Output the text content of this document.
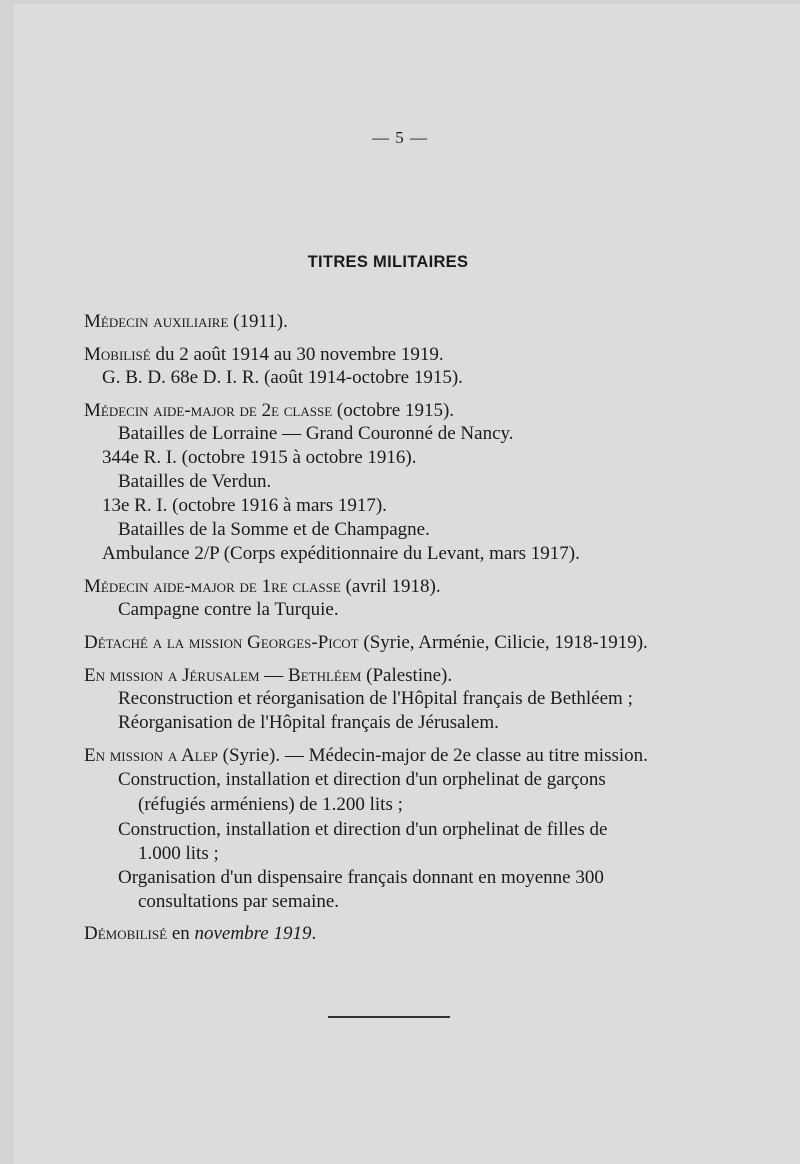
— 5 —
TITRES MILITAIRES
Médecin auxiliaire (1911).
Mobilisé du 2 août 1914 au 30 novembre 1919.
G. B. D. 68e D. I. R. (août 1914-octobre 1915).
Médecin aide-major de 2e classe (octobre 1915).
Batailles de Lorraine — Grand Couronné de Nancy.
344e R. I. (octobre 1915 à octobre 1916).
Batailles de Verdun.
13e R. I. (octobre 1916 à mars 1917).
Batailles de la Somme et de Champagne.
Ambulance 2/P (Corps expéditionnaire du Levant, mars 1917).
Médecin aide-major de 1re classe (avril 1918).
Campagne contre la Turquie.
Détaché a la mission Georges-Picot (Syrie, Arménie, Cilicie, 1918-1919).
En mission a Jérusalem — Bethléem (Palestine).
Reconstruction et réorganisation de l'Hôpital français de Bethléem ;
Réorganisation de l'Hôpital français de Jérusalem.
En mission a Alep (Syrie). — Médecin-major de 2e classe au titre mission.
Construction, installation et direction d'un orphelinat de garçons
(réfugiés arméniens) de 1.200 lits ;
Construction, installation et direction d'un orphelinat de filles de
1.000 lits ;
Organisation d'un dispensaire français donnant en moyenne 300
consultations par semaine.
Démobilisé en novembre 1919.
